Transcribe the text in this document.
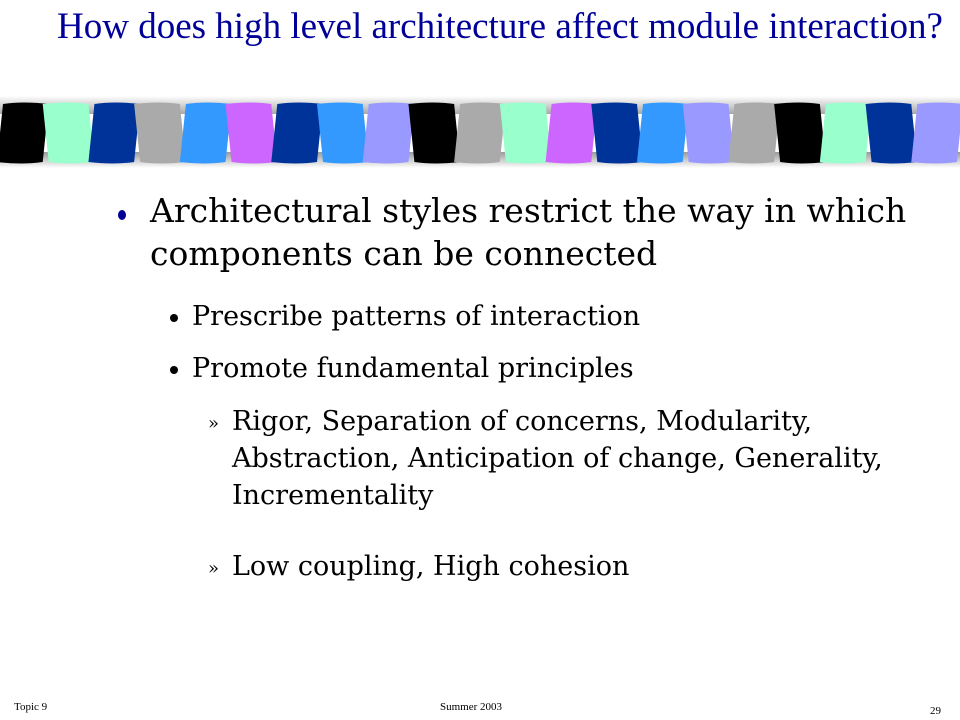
How does high level architecture affect module interaction?
Architectural styles restrict the way in which components can be connected
Prescribe patterns of interaction
Promote fundamental principles
» Rigor, Separation of concerns, Modularity, Abstraction, Anticipation of change, Generality, Incrementality
» Low coupling, High cohesion
Topic 9	Summer 2003	29
